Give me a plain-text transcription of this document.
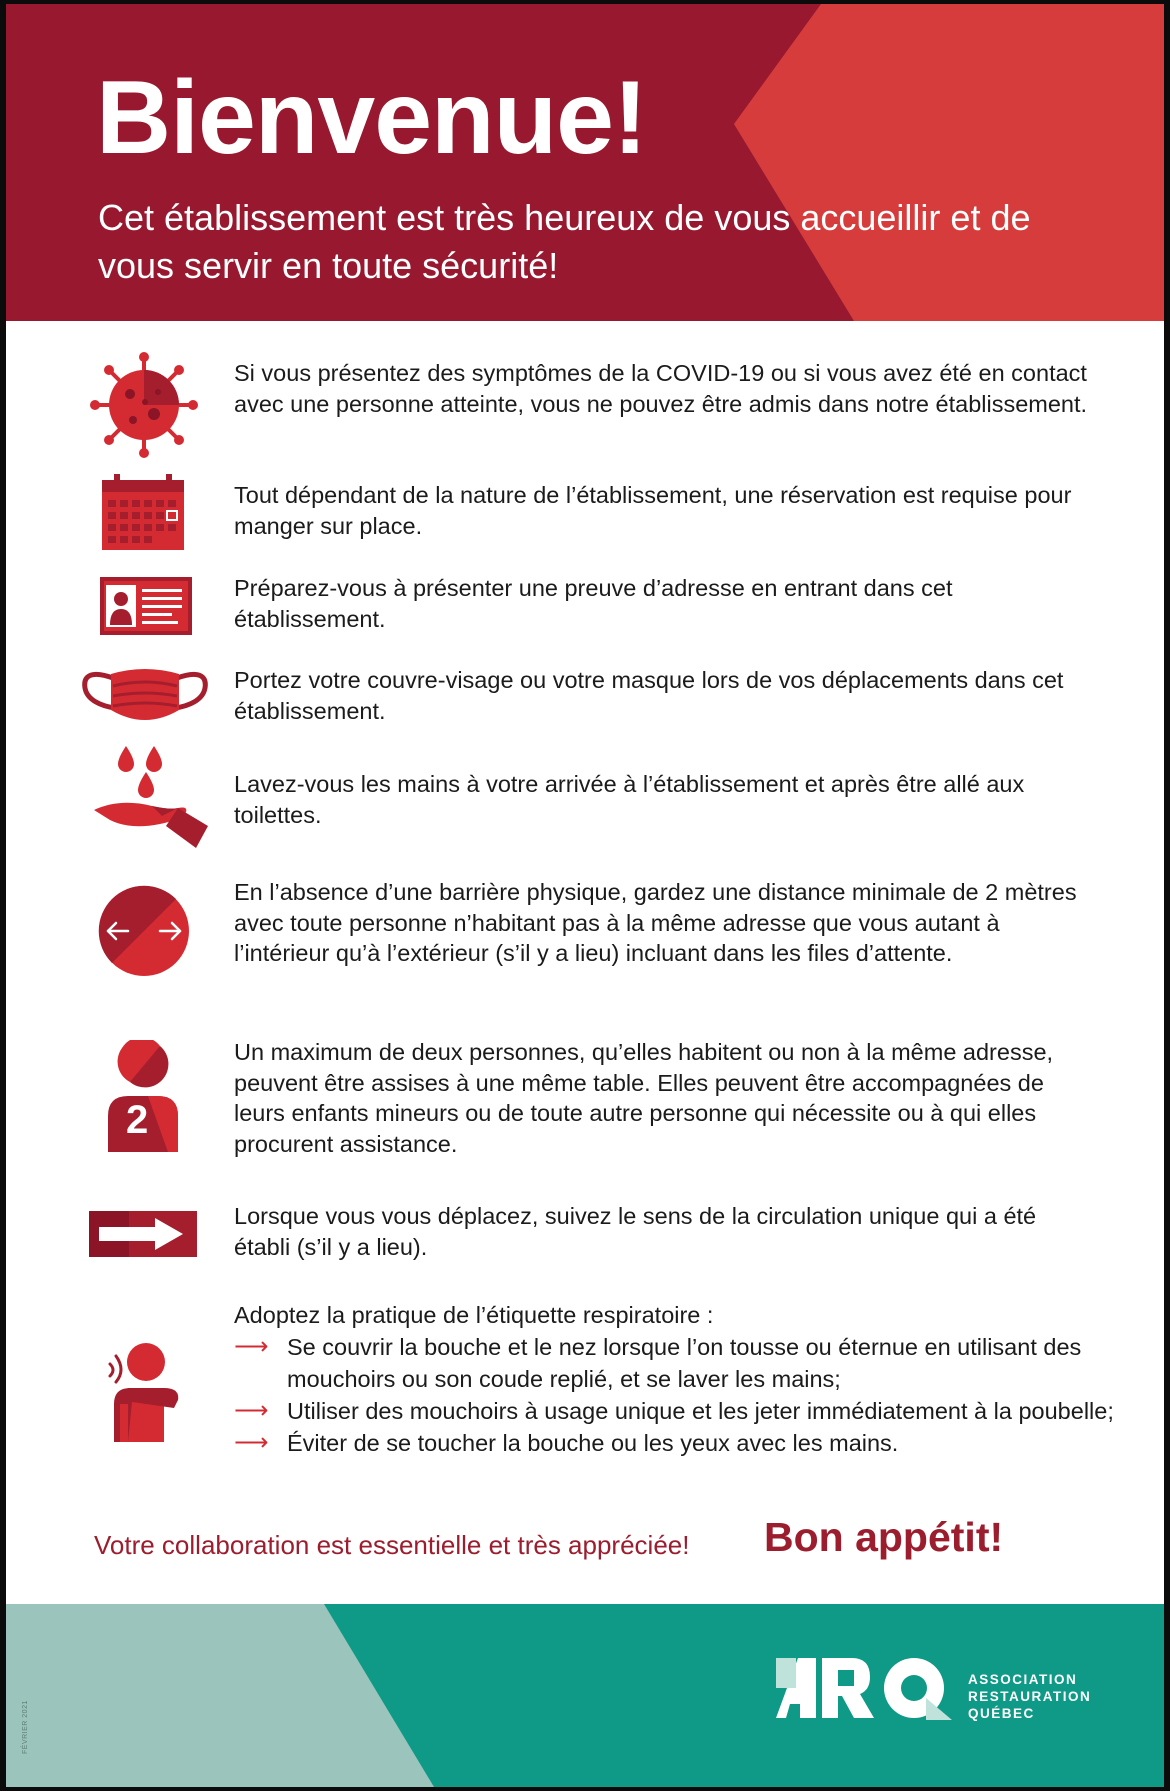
Bienvenue!

Cet établissement est très heureux de vous accueillir et de vous servir en toute sécurité!

Si vous présentez des symptômes de la COVID-19 ou si vous avez été en contact avec une personne atteinte, vous ne pouvez être admis dans notre établissement.

Tout dépendant de la nature de l’établissement, une réservation est requise pour manger sur place.

Préparez-vous à présenter une preuve d’adresse en entrant dans cet établissement.

Portez votre couvre-visage ou votre masque lors de vos déplacements dans cet établissement.

Lavez-vous les mains à votre arrivée à l’établissement et après être allé aux toilettes.

En l’absence d’une barrière physique, gardez une distance minimale de 2 mètres avec toute personne n’habitant pas à la même adresse que vous autant à l’intérieur qu’à l’extérieur (s’il y a lieu) incluant dans les files d’attente.

2

Un maximum de deux personnes, qu’elles habitent ou non à la même adresse, peuvent être assises à une même table. Elles peuvent être accompagnées de leurs enfants mineurs ou de toute autre personne qui nécessite ou à qui elles procurent assistance.

Lorsque vous vous déplacez, suivez le sens de la circulation unique qui a été établi (s’il y a lieu).

Adoptez la pratique de l’étiquette respiratoire :

⟶ Se couvrir la bouche et le nez lorsque l’on tousse ou éternue en utilisant des mouchoirs ou son coude replié, et se laver les mains;
⟶ Utiliser des mouchoirs à usage unique et les jeter immédiatement à la poubelle;
⟶ Éviter de se toucher la bouche ou les yeux avec les mains.

Votre collaboration est essentielle et très appréciée! Bon appétit!

ASSOCIATION
RESTAURATION
QUÉBEC
FÉVRIER 2021
